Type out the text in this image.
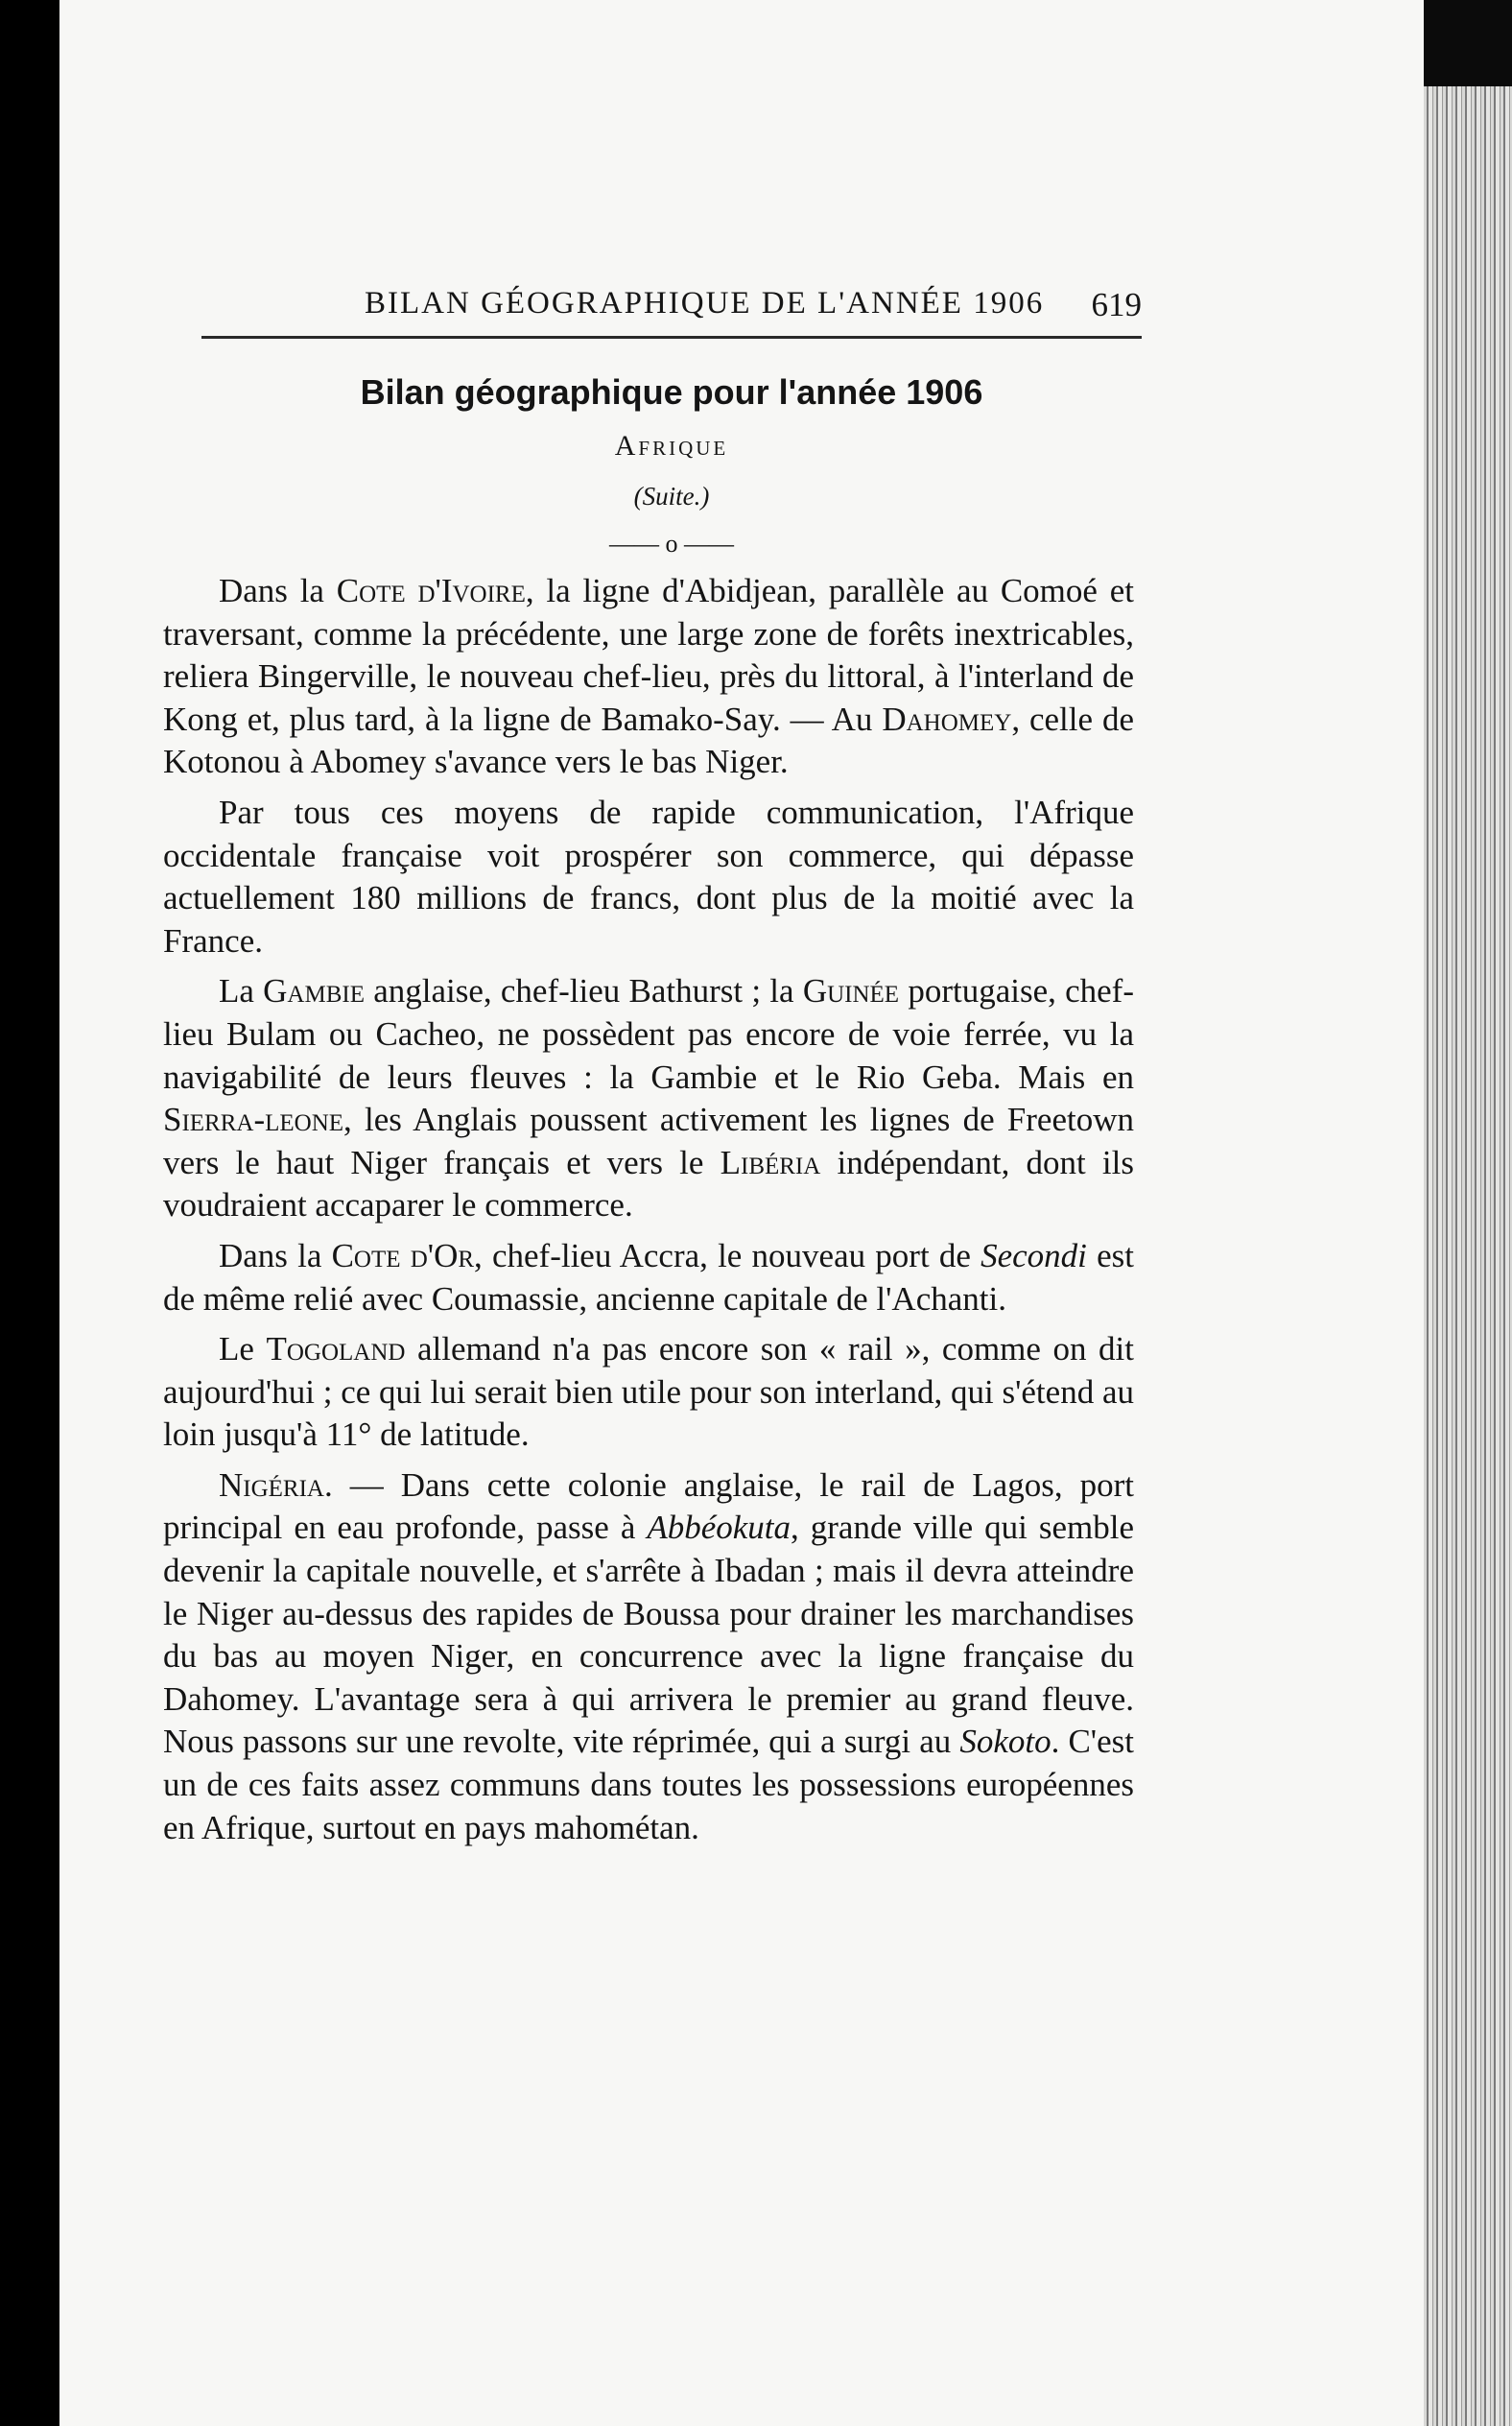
BILAN GÉOGRAPHIQUE DE L'ANNÉE 1906 619
Bilan géographique pour l'année 1906
Afrique
(Suite.)
—— o ——

Dans la Cote d'Ivoire, la ligne d'Abidjean, parallèle au Comoé et traversant, comme la précédente, une large zone de forêts inextricables, reliera Bingerville, le nouveau chef-lieu, près du littoral, à l'interland de Kong et, plus tard, à la ligne de Bamako-Say. — Au Dahomey, celle de Kotonou à Abomey s'avance vers le bas Niger.

Par tous ces moyens de rapide communication, l'Afrique occidentale française voit prospérer son commerce, qui dépasse actuellement 180 millions de francs, dont plus de la moitié avec la France.

La Gambie anglaise, chef-lieu Bathurst ; la Guinée portugaise, chef-lieu Bulam ou Cacheo, ne possèdent pas encore de voie ferrée, vu la navigabilité de leurs fleuves : la Gambie et le Rio Geba. Mais en Sierra-leone, les Anglais poussent activement les lignes de Freetown vers le haut Niger français et vers le Libéria indépendant, dont ils voudraient accaparer le commerce.

Dans la Cote d'Or, chef-lieu Accra, le nouveau port de Secondi est de même relié avec Coumassie, ancienne capitale de l'Achanti.

Le Togoland allemand n'a pas encore son « rail », comme on dit aujourd'hui ; ce qui lui serait bien utile pour son interland, qui s'étend au loin jusqu'à 11° de latitude.

Nigéria. — Dans cette colonie anglaise, le rail de Lagos, port principal en eau profonde, passe à Abbéokuta, grande ville qui semble devenir la capitale nouvelle, et s'arrête à Ibadan ; mais il devra atteindre le Niger au-dessus des rapides de Boussa pour drainer les marchandises du bas au moyen Niger, en concurrence avec la ligne française du Dahomey. L'avantage sera à qui arrivera le premier au grand fleuve. Nous passons sur une revolte, vite réprimée, qui a surgi au Sokoto. C'est un de ces faits assez communs dans toutes les possessions européennes en Afrique, surtout en pays mahométan.
